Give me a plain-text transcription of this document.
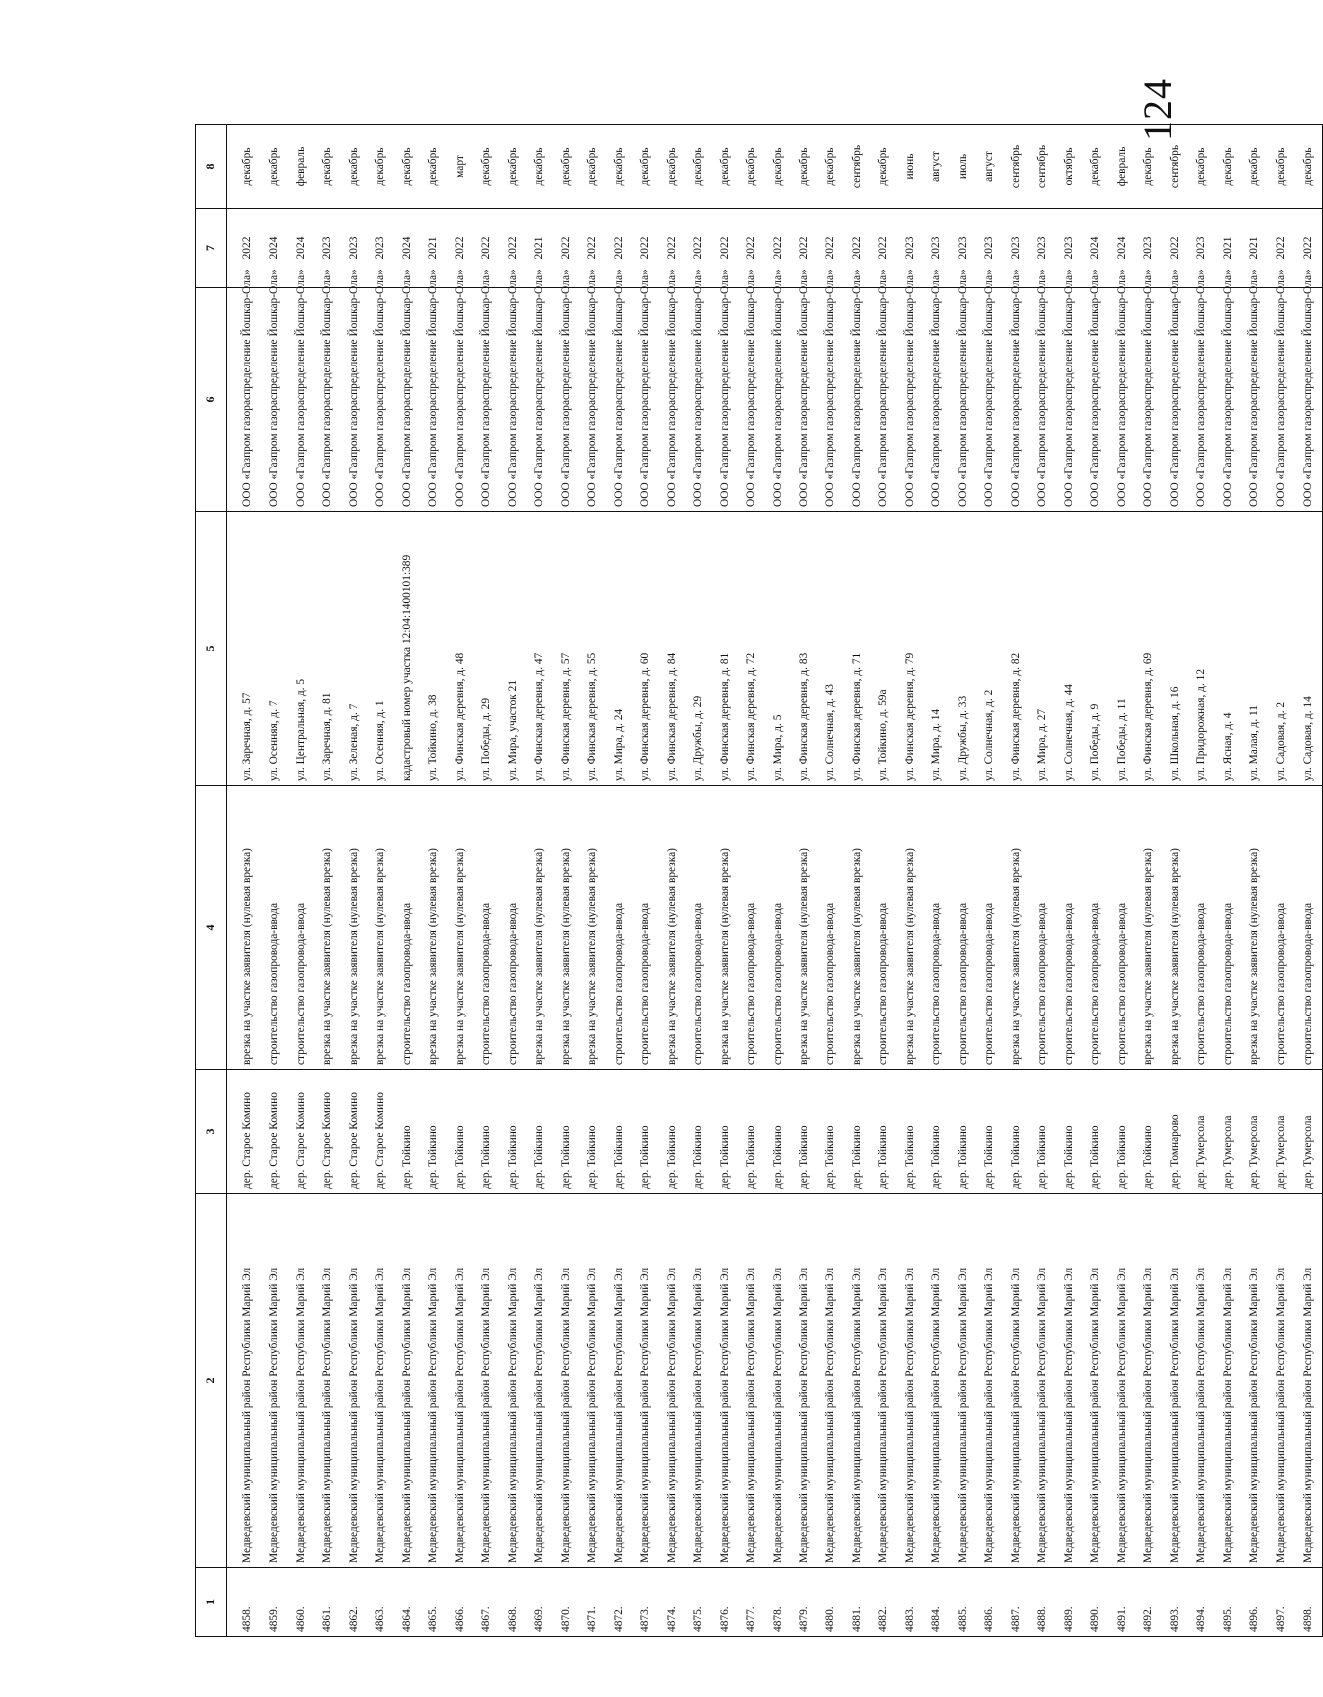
124
1	2	3	4	5	6	7	8
4858.	Медведевский муниципальный район Республики Марий Эл	дер. Старое Комино	врезка на участке заявителя (нулевая врезка)	ул. Заречная, д. 57	ООО «Газпром газораспределение Йошкар-Ола»	2022	декабрь
4859.	Медведевский муниципальный район Республики Марий Эл	дер. Старое Комино	строительство газопровода-ввода	ул. Осенняя, д. 7	ООО «Газпром газораспределение Йошкар-Ола»	2024	декабрь
4860.	Медведевский муниципальный район Республики Марий Эл	дер. Старое Комино	строительство газопровода-ввода	ул. Центральная, д. 5	ООО «Газпром газораспределение Йошкар-Ола»	2024	февраль
4861.	Медведевский муниципальный район Республики Марий Эл	дер. Старое Комино	врезка на участке заявителя (нулевая врезка)	ул. Заречная, д. 81	ООО «Газпром газораспределение Йошкар-Ола»	2023	декабрь
4862.	Медведевский муниципальный район Республики Марий Эл	дер. Старое Комино	врезка на участке заявителя (нулевая врезка)	ул. Зеленая, д. 7	ООО «Газпром газораспределение Йошкар-Ола»	2023	декабрь
4863.	Медведевский муниципальный район Республики Марий Эл	дер. Старое Комино	врезка на участке заявителя (нулевая врезка)	ул. Осенняя, д. 1	ООО «Газпром газораспределение Йошкар-Ола»	2023	декабрь
4864.	Медведевский муниципальный район Республики Марий Эл	дер. Тойкино	строительство газопровода-ввода	кадастровый номер участка 12:04:1400101:389	ООО «Газпром газораспределение Йошкар-Ола»	2024	декабрь
4865.	Медведевский муниципальный район Республики Марий Эл	дер. Тойкино	врезка на участке заявителя (нулевая врезка)	ул. Тойкино, д. 38	ООО «Газпром газораспределение Йошкар-Ола»	2021	декабрь
4866.	Медведевский муниципальный район Республики Марий Эл	дер. Тойкино	врезка на участке заявителя (нулевая врезка)	ул. Финская деревня, д. 48	ООО «Газпром газораспределение Йошкар-Ола»	2022	март
4867.	Медведевский муниципальный район Республики Марий Эл	дер. Тойкино	строительство газопровода-ввода	ул. Победы, д. 29	ООО «Газпром газораспределение Йошкар-Ола»	2022	декабрь
4868.	Медведевский муниципальный район Республики Марий Эл	дер. Тойкино	строительство газопровода-ввода	ул. Мира, участок 21	ООО «Газпром газораспределение Йошкар-Ола»	2022	декабрь
4869.	Медведевский муниципальный район Республики Марий Эл	дер. Тойкино	врезка на участке заявителя (нулевая врезка)	ул. Финская деревня, д. 47	ООО «Газпром газораспределение Йошкар-Ола»	2021	декабрь
4870.	Медведевский муниципальный район Республики Марий Эл	дер. Тойкино	врезка на участке заявителя (нулевая врезка)	ул. Финская деревня, д. 57	ООО «Газпром газораспределение Йошкар-Ола»	2022	декабрь
4871.	Медведевский муниципальный район Республики Марий Эл	дер. Тойкино	врезка на участке заявителя (нулевая врезка)	ул. Финская деревня, д. 55	ООО «Газпром газораспределение Йошкар-Ола»	2022	декабрь
4872.	Медведевский муниципальный район Республики Марий Эл	дер. Тойкино	строительство газопровода-ввода	ул. Мира, д. 24	ООО «Газпром газораспределение Йошкар-Ола»	2022	декабрь
4873.	Медведевский муниципальный район Республики Марий Эл	дер. Тойкино	строительство газопровода-ввода	ул. Финская деревня, д. 60	ООО «Газпром газораспределение Йошкар-Ола»	2022	декабрь
4874.	Медведевский муниципальный район Республики Марий Эл	дер. Тойкино	врезка на участке заявителя (нулевая врезка)	ул. Финская деревня, д. 84	ООО «Газпром газораспределение Йошкар-Ола»	2022	декабрь
4875.	Медведевский муниципальный район Республики Марий Эл	дер. Тойкино	строительство газопровода-ввода	ул. Дружбы, д. 29	ООО «Газпром газораспределение Йошкар-Ола»	2022	декабрь
4876.	Медведевский муниципальный район Республики Марий Эл	дер. Тойкино	врезка на участке заявителя (нулевая врезка)	ул. Финская деревня, д. 81	ООО «Газпром газораспределение Йошкар-Ола»	2022	декабрь
4877.	Медведевский муниципальный район Республики Марий Эл	дер. Тойкино	строительство газопровода-ввода	ул. Финская деревня, д. 72	ООО «Газпром газораспределение Йошкар-Ола»	2022	декабрь
4878.	Медведевский муниципальный район Республики Марий Эл	дер. Тойкино	строительство газопровода-ввода	ул. Мира, д. 5	ООО «Газпром газораспределение Йошкар-Ола»	2022	декабрь
4879.	Медведевский муниципальный район Республики Марий Эл	дер. Тойкино	врезка на участке заявителя (нулевая врезка)	ул. Финская деревня, д. 83	ООО «Газпром газораспределение Йошкар-Ола»	2022	декабрь
4880.	Медведевский муниципальный район Республики Марий Эл	дер. Тойкино	строительство газопровода-ввода	ул. Солнечная, д. 43	ООО «Газпром газораспределение Йошкар-Ола»	2022	декабрь
4881.	Медведевский муниципальный район Республики Марий Эл	дер. Тойкино	врезка на участке заявителя (нулевая врезка)	ул. Финская деревня, д. 71	ООО «Газпром газораспределение Йошкар-Ола»	2022	сентябрь
4882.	Медведевский муниципальный район Республики Марий Эл	дер. Тойкино	строительство газопровода-ввода	ул. Тойкино, д. 59а	ООО «Газпром газораспределение Йошкар-Ола»	2022	декабрь
4883.	Медведевский муниципальный район Республики Марий Эл	дер. Тойкино	врезка на участке заявителя (нулевая врезка)	ул. Финская деревня, д. 79	ООО «Газпром газораспределение Йошкар-Ола»	2023	июнь
4884.	Медведевский муниципальный район Республики Марий Эл	дер. Тойкино	строительство газопровода-ввода	ул. Мира, д. 14	ООО «Газпром газораспределение Йошкар-Ола»	2023	август
4885.	Медведевский муниципальный район Республики Марий Эл	дер. Тойкино	строительство газопровода-ввода	ул. Дружбы, д. 33	ООО «Газпром газораспределение Йошкар-Ола»	2023	июль
4886.	Медведевский муниципальный район Республики Марий Эл	дер. Тойкино	строительство газопровода-ввода	ул. Солнечная, д. 2	ООО «Газпром газораспределение Йошкар-Ола»	2023	август
4887.	Медведевский муниципальный район Республики Марий Эл	дер. Тойкино	врезка на участке заявителя (нулевая врезка)	ул. Финская деревня, д. 82	ООО «Газпром газораспределение Йошкар-Ола»	2023	сентябрь
4888.	Медведевский муниципальный район Республики Марий Эл	дер. Тойкино	строительство газопровода-ввода	ул. Мира, д. 27	ООО «Газпром газораспределение Йошкар-Ола»	2023	сентябрь
4889.	Медведевский муниципальный район Республики Марий Эл	дер. Тойкино	строительство газопровода-ввода	ул. Солнечная, д. 44	ООО «Газпром газораспределение Йошкар-Ола»	2023	октябрь
4890.	Медведевский муниципальный район Республики Марий Эл	дер. Тойкино	строительство газопровода-ввода	ул. Победы, д. 9	ООО «Газпром газораспределение Йошкар-Ола»	2024	декабрь
4891.	Медведевский муниципальный район Республики Марий Эл	дер. Тойкино	строительство газопровода-ввода	ул. Победы, д. 11	ООО «Газпром газораспределение Йошкар-Ола»	2024	февраль
4892.	Медведевский муниципальный район Республики Марий Эл	дер. Тойкино	врезка на участке заявителя (нулевая врезка)	ул. Финская деревня, д. 69	ООО «Газпром газораспределение Йошкар-Ола»	2023	декабрь
4893.	Медведевский муниципальный район Республики Марий Эл	дер. Томнарово	врезка на участке заявителя (нулевая врезка)	ул. Школьная, д. 16	ООО «Газпром газораспределение Йошкар-Ола»	2022	сентябрь
4894.	Медведевский муниципальный район Республики Марий Эл	дер. Тумерсола	строительство газопровода-ввода	ул. Придорожная, д. 12	ООО «Газпром газораспределение Йошкар-Ола»	2023	декабрь
4895.	Медведевский муниципальный район Республики Марий Эл	дер. Тумерсола	строительство газопровода-ввода	ул. Ясная, д. 4	ООО «Газпром газораспределение Йошкар-Ола»	2021	декабрь
4896.	Медведевский муниципальный район Республики Марий Эл	дер. Тумерсола	врезка на участке заявителя (нулевая врезка)	ул. Малая, д. 11	ООО «Газпром газораспределение Йошкар-Ола»	2021	декабрь
4897.	Медведевский муниципальный район Республики Марий Эл	дер. Тумерсола	строительство газопровода-ввода	ул. Садовая, д. 2	ООО «Газпром газораспределение Йошкар-Ола»	2022	декабрь
4898.	Медведевский муниципальный район Республики Марий Эл	дер. Тумерсола	строительство газопровода-ввода	ул. Садовая, д. 14	ООО «Газпром газораспределение Йошкар-Ола»	2022	декабрь
